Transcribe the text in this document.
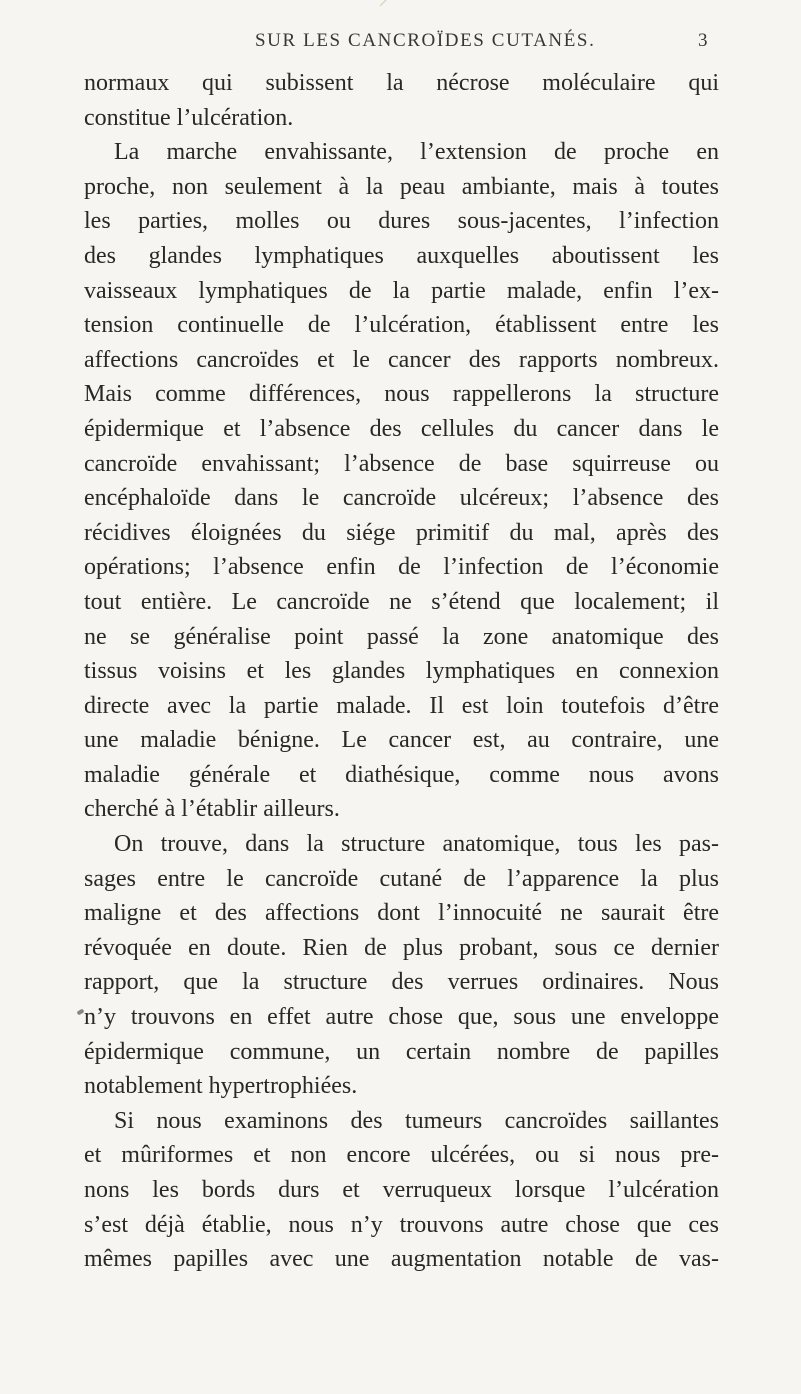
SUR LES CANCROÏDES CUTANÉS.	3
normaux qui subissent la nécrose moléculaire qui
constitue l’ulcération.
La marche envahissante, l’extension de proche en
proche, non seulement à la peau ambiante, mais à toutes
les parties, molles ou dures sous-jacentes, l’infection
des glandes lymphatiques auxquelles aboutissent les
vaisseaux lymphatiques de la partie malade, enfin l’ex-
tension continuelle de l’ulcération, établissent entre les
affections cancroïdes et le cancer des rapports nombreux.
Mais comme différences, nous rappellerons la structure
épidermique et l’absence des cellules du cancer dans le
cancroïde envahissant; l’absence de base squirreuse ou
encéphaloïde dans le cancroïde ulcéreux; l’absence des
récidives éloignées du siége primitif du mal, après des
opérations; l’absence enfin de l’infection de l’économie
tout entière. Le cancroïde ne s’étend que localement; il
ne se généralise point passé la zone anatomique des
tissus voisins et les glandes lymphatiques en connexion
directe avec la partie malade. Il est loin toutefois d’être
une maladie bénigne. Le cancer est, au contraire, une
maladie générale et diathésique, comme nous avons
cherché à l’établir ailleurs.
On trouve, dans la structure anatomique, tous les pas-
sages entre le cancroïde cutané de l’apparence la plus
maligne et des affections dont l’innocuité ne saurait être
révoquée en doute. Rien de plus probant, sous ce dernier
rapport, que la structure des verrues ordinaires. Nous
n’y trouvons en effet autre chose que, sous une enveloppe
épidermique commune, un certain nombre de papilles
notablement hypertrophiées.
Si nous examinons des tumeurs cancroïdes saillantes
et mûriformes et non encore ulcérées, ou si nous pre-
nons les bords durs et verruqueux lorsque l’ulcération
s’est déjà établie, nous n’y trouvons autre chose que ces
mêmes papilles avec une augmentation notable de vas-
